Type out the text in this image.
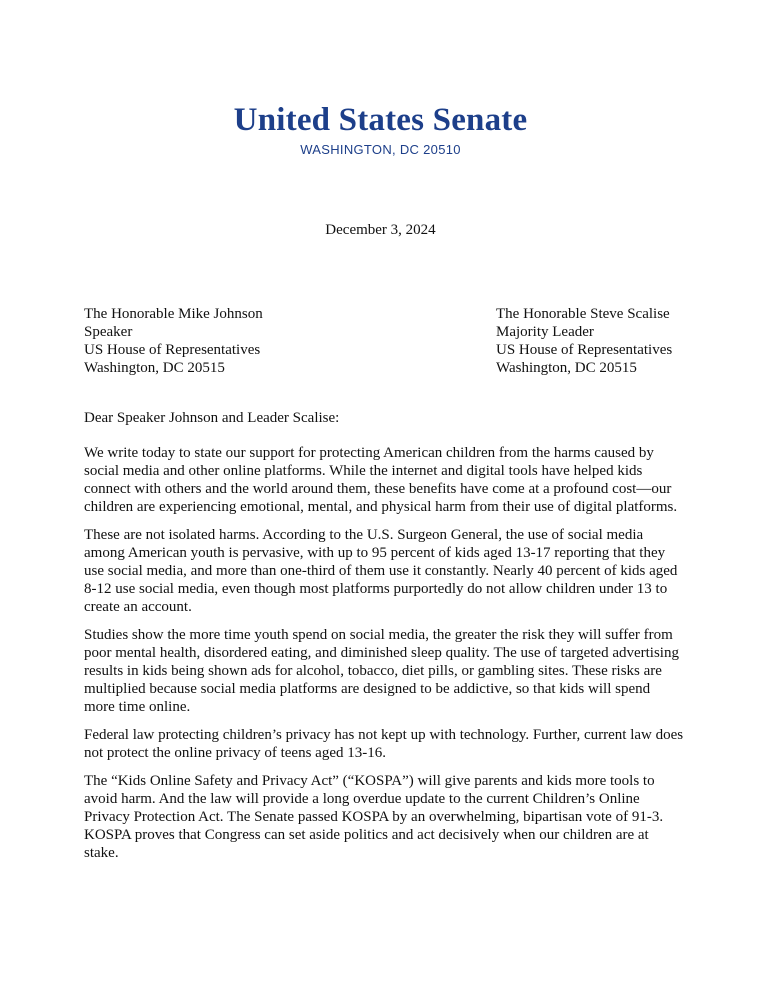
United States Senate
WASHINGTON, DC 20510
December 3, 2024
The Honorable Mike Johnson
Speaker
US House of Representatives
Washington, DC 20515
The Honorable Steve Scalise
Majority Leader
US House of Representatives
Washington, DC 20515
Dear Speaker Johnson and Leader Scalise:

We write today to state our support for protecting American children from the harms caused by social media and other online platforms. While the internet and digital tools have helped kids connect with others and the world around them, these benefits have come at a profound cost—our children are experiencing emotional, mental, and physical harm from their use of digital platforms.

These are not isolated harms. According to the U.S. Surgeon General, the use of social media among American youth is pervasive, with up to 95 percent of kids aged 13-17 reporting that they use social media, and more than one-third of them use it constantly. Nearly 40 percent of kids aged 8-12 use social media, even though most platforms purportedly do not allow children under 13 to create an account.

Studies show the more time youth spend on social media, the greater the risk they will suffer from poor mental health, disordered eating, and diminished sleep quality. The use of targeted advertising results in kids being shown ads for alcohol, tobacco, diet pills, or gambling sites. These risks are multiplied because social media platforms are designed to be addictive, so that kids will spend more time online.

Federal law protecting children’s privacy has not kept up with technology. Further, current law does not protect the online privacy of teens aged 13-16.

The “Kids Online Safety and Privacy Act” (“KOSPA”) will give parents and kids more tools to avoid harm. And the law will provide a long overdue update to the current Children’s Online Privacy Protection Act. The Senate passed KOSPA by an overwhelming, bipartisan vote of 91-3. KOSPA proves that Congress can set aside politics and act decisively when our children are at stake.
